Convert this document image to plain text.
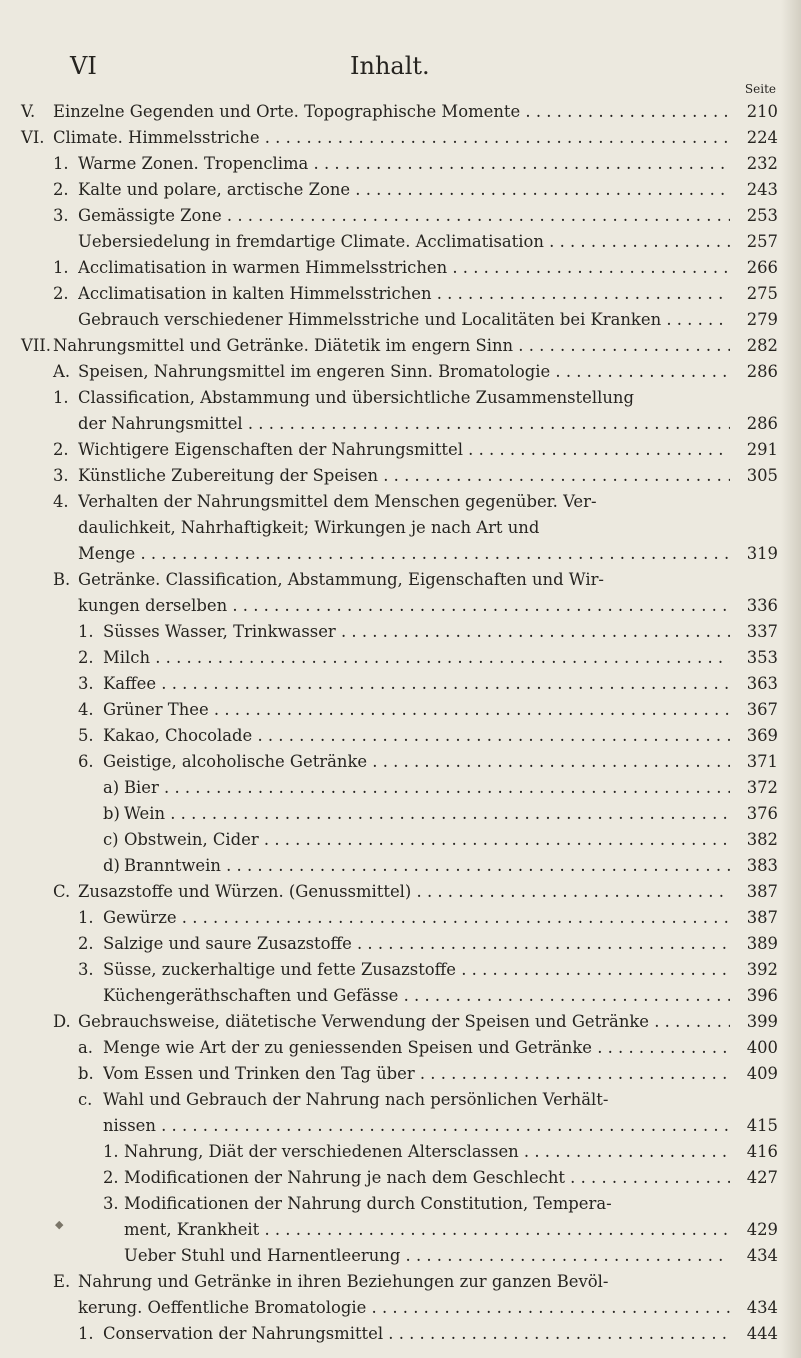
VI	Inhalt.
Seite
V. Einzelne Gegenden und Orte. Topographische Momente . . .	210
VI. Climate. Himmelsstriche . . .	224
1. Warme Zonen. Tropenclima . . .	232
2. Kalte und polare, arctische Zone . . .	243
3. Gemässigte Zone . . .	253
Uebersiedelung in fremdartige Climate. Acclimatisation . . .	257
1. Acclimatisation in warmen Himmelsstrichen . . .	266
2. Acclimatisation in kalten Himmelsstrichen . . .	275
Gebrauch verschiedener Himmelsstriche und Localitäten bei Kranken . . .	279
VII. Nahrungsmittel und Getränke. Diätetik im engern Sinn . . .	282
A. Speisen, Nahrungsmittel im engeren Sinn. Bromatologie . . .	286
1. Classification, Abstammung und übersichtliche Zusammenstellung
der Nahrungsmittel . . .	286
2. Wichtigere Eigenschaften der Nahrungsmittel . . .	291
3. Künstliche Zubereitung der Speisen . . .	305
4. Verhalten der Nahrungsmittel dem Menschen gegenüber. Ver-
daulichkeit, Nahrhaftigkeit; Wirkungen je nach Art und
Menge . . .	319
B. Getränke. Classification, Abstammung, Eigenschaften und Wir-
kungen derselben . . .	336
1. Süsses Wasser, Trinkwasser . . .	337
2. Milch . . .	353
3. Kaffee . . .	363
4. Grüner Thee . . .	367
5. Kakao, Chocolade . . .	369
6. Geistige, alcoholische Getränke . . .	371
a) Bier . . .	372
b) Wein . . .	376
c) Obstwein, Cider . . .	382
d) Branntwein . . .	383
C. Zusazstoffe und Würzen. (Genussmittel) . . .	387
1. Gewürze . . .	387
2. Salzige und saure Zusazstoffe . . .	389
3. Süsse, zuckerhaltige und fette Zusazstoffe . . .	392
Küchengeräthschaften und Gefässe . . .	396
D. Gebrauchsweise, diätetische Verwendung der Speisen und Getränke . . .	399
a. Menge wie Art der zu geniessenden Speisen und Getränke . . .	400
b. Vom Essen und Trinken den Tag über . . .	409
c. Wahl und Gebrauch der Nahrung nach persönlichen Verhält-
nissen . . .	415
1. Nahrung, Diät der verschiedenen Altersclassen . . .	416
2. Modificationen der Nahrung je nach dem Geschlecht . . .	427
3. Modificationen der Nahrung durch Constitution, Tempera-
ment, Krankheit . . .	429
Ueber Stuhl und Harnentleerung . . .	434
E. Nahrung und Getränke in ihren Beziehungen zur ganzen Bevöl-
kerung. Oeffentliche Bromatologie . . .	434
1. Conservation der Nahrungsmittel . . .	444
◆
